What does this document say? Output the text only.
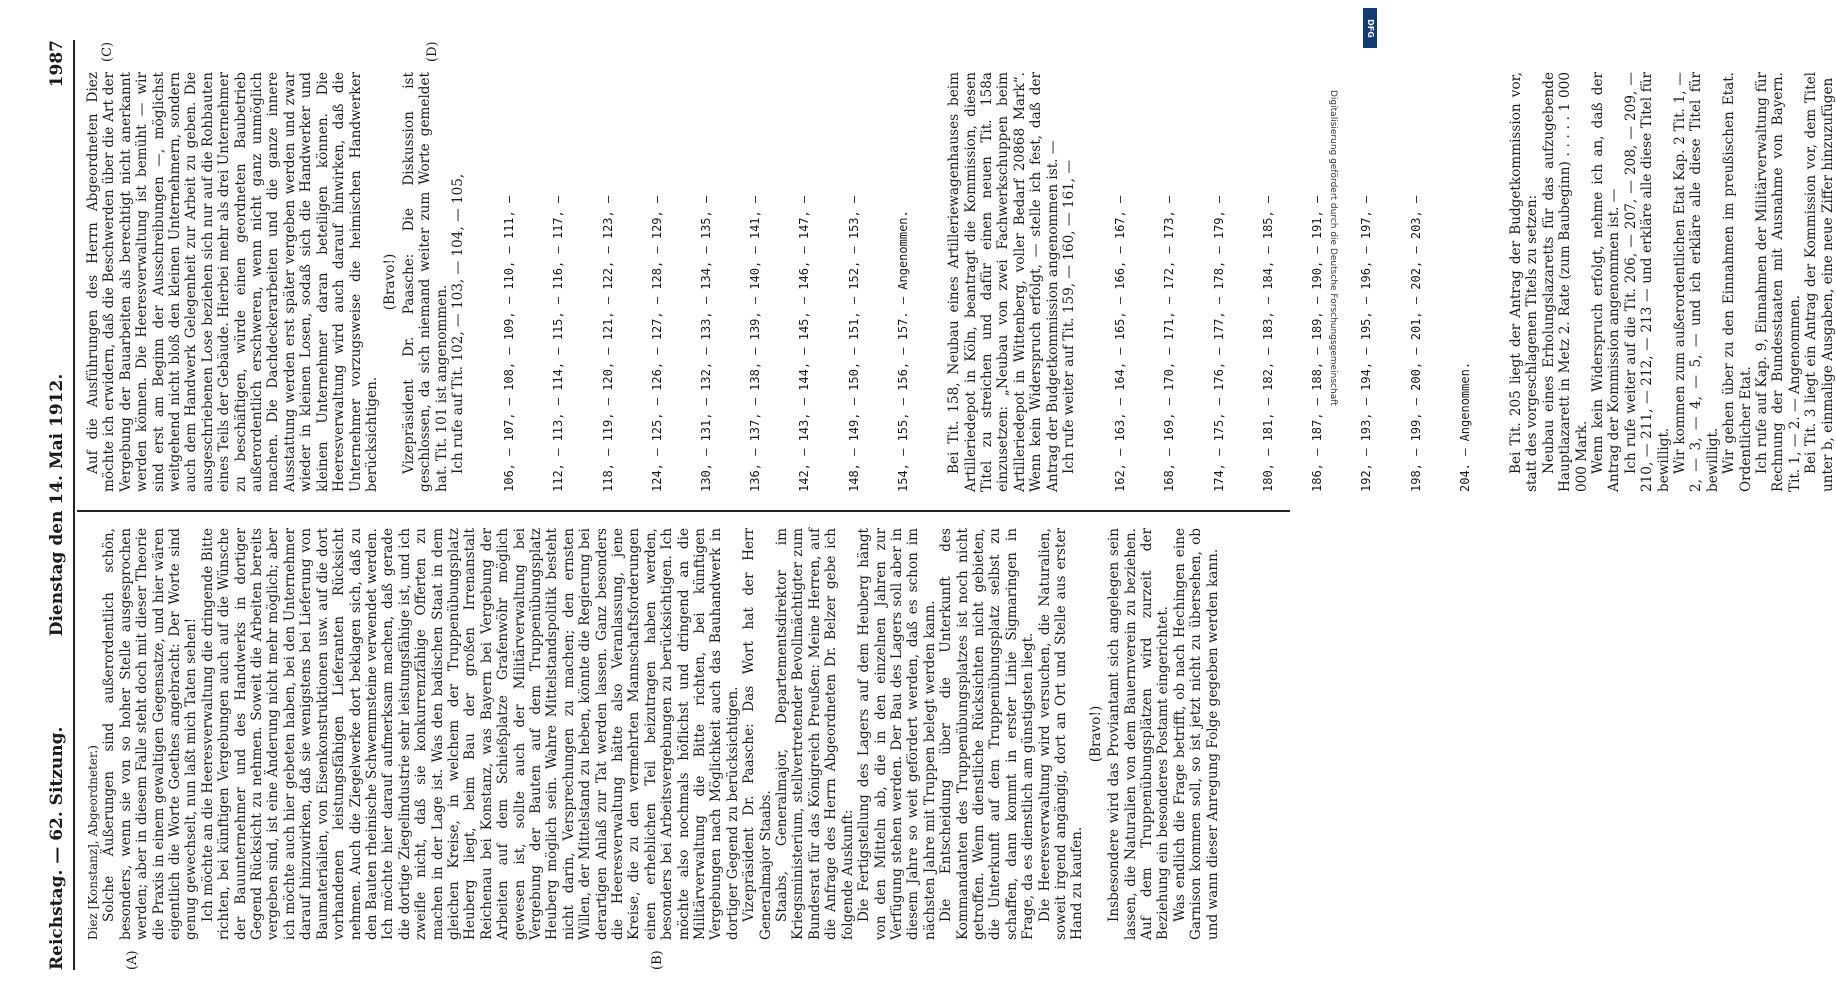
Reichstag. — 62. Sitzung.
Dienstag den 14. Mai 1912.
1987
(A)	(B)
(C)	(D)

Diez [Konstanz], Abgeordneter.) Solche Äußerungen sind außerordentlich schön, besonders, wenn sie von so hoher Stelle ausgesprochen werden; aber in diesem Falle steht doch mit dieser Theorie die Praxis in einem gewaltigen Gegensatze, und hier wären eigentlich die Worte Goethes angebracht: Der Worte sind genug gewechselt, nun laßt mich Taten sehen! Ich möchte an die Heeresverwaltung die dringende Bitte richten, bei künftigen Vergebungen auch auf die Wünsche der Bauunternehmer und des Handwerks in dortiger Gegend Rücksicht zu nehmen. Soweit die Arbeiten bereits vergeben sind, ist eine Änderung nicht mehr möglich; aber ich möchte auch hier gebeten haben, bei den Unternehmer darauf hinzuwirken, daß sie wenigstens bei Lieferung von Baumaterialien, von Eisenkonstruktionen usw. auf die dort vorhandenen leistungsfähigen Lieferanten Rücksicht nehmen. Auch die Ziegelwerke dort beklagen sich, daß zu den Bauten rheinische Schwemmsteine verwendet werden. Ich möchte hier darauf aufmerksam machen, daß gerade die dortige Ziegelindustrie sehr leistungsfähige ist, und ich zweifle nicht, daß sie konkurrenzfähige Offerten zu machen in der Lage ist. Was den badischen Staat in dem gleichen Kreise, in welchem der Truppenübungsplatz Heuberg liegt, beim Bau der großen Irrenanstalt Reichenau bei Konstanz, was Bayern bei Vergebung der Arbeiten auf dem Schießplatze Grafenwöhr möglich gewesen ist, sollte auch der Militärverwaltung bei Vergebung der Bauten auf dem Truppenübungsplatz Heuberg möglich sein. Wahre Mittelstandspolitik besteht nicht darin, Versprechungen zu machen; den ernsten Willen, der Mittelstand zu heben, könnte die Regierung bei derartigen Anlaß zur Tat werden lassen. Ganz besonders die Heeresverwaltung hätte also Veranlassung, jene Kreise, die zu den vermehrten Mannschaftsforderungen einen erheblichen Teil beizutragen haben werden, besonders bei Arbeitsvergebungen zu berücksichtigen. Ich möchte also nochmals höflichst und dringend an die Militärverwaltung die Bitte richten, bei künftigen Vergebungen nach Möglichkeit auch das Bauhandwerk in dortiger Gegend zu berücksichtigen. Vizepräsident Dr. Paasche: Das Wort hat der Herr Generalmajor Staabs. Staabs, Generalmajor, Departementsdirektor im Kriegsministerium, stellvertretender Bevollmächtigter zum Bundesrat für das Königreich Preußen: Meine Herren, auf die Anfrage des Herrn Abgeordneten Dr. Belzer gebe ich folgende Auskunft: Die Fertigstellung des Lagers auf dem Heuberg hängt von den Mitteln ab, die in den einzelnen Jahren zur Verfügung stehen werden. Der Bau des Lagers soll aber in diesem Jahre so weit gefördert werden, daß es schon im nächsten Jahre mit Truppen belegt werden kann. Die Entscheidung über die Unterkunft des Kommandanten des Truppenübungsplatzes ist noch nicht getroffen. Wenn dienstliche Rücksichten nicht gebieten, die Unterkunft auf dem Truppenübungsplatz selbst zu schaffen, dann kommt in erster Linie Sigmaringen in Frage, da es dienstlich am günstigsten liegt. Die Heeresverwaltung wird versuchen, die Naturalien, soweit irgend angängig, dort an Ort und Stelle aus erster Hand zu kaufen.

(Bravo!) Insbesondere wird das Proviantamt sich angelegen sein lassen, die Naturalien von dem Bauernverein zu beziehen. Auf dem Truppenübungsplätzen wird zurzeit der Beziehung ein besonderes Postamt eingerichtet. Was endlich die Frage betrifft, ob nach Hechingen eine Garnison kommen soll, so ist jetzt nicht zu übersehen, ob und wann dieser Anregung Folge gegeben werden kann.

Auf die Ausführungen des Herrn Abgeordneten Diez möchte ich erwidern, daß die Beschwerden über die Art der Vergebung der Bauarbeiten als berechtigt nicht anerkannt werden können. Die Heeresverwaltung ist bemüht — wir sind erst am Beginn der Ausschreibungen —, möglichst weitgehend nicht bloß den kleinen Unternehmern, sondern auch dem Handwerk Gelegenheit zur Arbeit zu geben. Die ausgeschriebenen Lose beziehen sich nur auf die Rohbauten eines Teils der Gebäude. Hierbei mehr als drei Unternehmer zu beschäftigen, würde einen geordneten Baubetrieb außerordentlich erschweren, wenn nicht ganz unmöglich machen. Die Dachdeckerarbeiten und die ganze innere Ausstattung werden erst später vergeben werden und zwar wieder in kleinen Losen, sodaß sich die Handwerker und kleinen Unternehmer daran beteiligen können. Die Heeresverwaltung wird auch darauf hinwirken, daß die Unternehmer vorzugsweise die heimischen Handwerker berücksichtigen.

(Bravo!) Vizepräsident Dr. Paasche: Die Diskussion ist geschlossen, da sich niemand weiter zum Worte gemeldet hat. Tit. 101 ist angenommen. Ich rufe auf Tit. 102, — 103, — 104, — 105,

	106, — 107, — 108, — 109, — 110, — 111, —

	112, — 113, — 114, — 115, — 116, — 117, —

	118, — 119, — 120, — 121, — 122, — 123, —

	124, — 125, — 126, — 127, — 128, — 129, —

	130, — 131, — 132, — 133, — 134, — 135, —

	136, — 137, — 138, — 139, — 140, — 141, —

	142, — 143, — 144, — 145, — 146, — 147, —

	148, — 149, — 150, — 151, — 152, — 153, —

	154, — 155, — 156, — 157. — Angenommen.

	Bei Tit. 158, Neubau eines Artilleriewagenhauses beim Artilleriedepot in Köln, beantragt die Kommission, diesen Titel zu streichen und dafür einen neuen Tit. 158a einzusetzen: „Neubau von zwei Fachwerkschuppen beim Artilleriedepot in Wittenberg, voller Bedarf 20868 Mark“. Wenn kein Widerspruch erfolgt, — stelle ich fest, daß der Antrag der Budgetkommission angenommen ist. — Ich rufe weiter auf Tit. 159, — 160, — 161, —

	162, — 163, — 164, — 165, — 166, — 167, —

	168, — 169, — 170, — 171, — 172, — 173, —

	174, — 175, — 176, — 177, — 178, — 179, —

	180, — 181, — 182, — 183, — 184, — 185, —

	186, — 187, — 188, — 189, — 190, — 191, —

	192, — 193, — 194, — 195, — 196, — 197, —

	198, — 199, — 200, — 201, — 202, — 203, —

	204. — Angenommen.

	Bei Tit. 205 liegt der Antrag der Budgetkommission vor, statt des vorgeschlagenen Titels zu setzen: Neubau eines Erholungslazaretts für das aufzugebende Hauptlazarett in Metz 2. Rate (zum Baubeginn) . . . . . 1 000 000 Mark. Wenn kein Widerspruch erfolgt, nehme ich an, daß der Antrag der Kommission angenommen ist. — Ich rufe weiter auf die Tit. 206, — 207, — 208, — 209, — 210, — 211, — 212, — 213 — und erkläre alle diese Titel für bewilligt. Wir kommen zum außerordentlichen Etat Kap. 2 Tit. 1, — 2, — 3, — 4, — 5, — und ich erkläre alle diese Titel für bewilligt. Wir gehen über zu den Einnahmen im preußischen Etat. Ordentlicher Etat. Ich rufe auf Kap. 9, Einnahmen der Militärverwaltung für Rechnung der Bundesstaaten mit Ausnahme von Bayern. Tit. 1, — 2. — Angenommen. Bei Tit. 3 liegt ein Antrag der Kommission vor, dem Titel unter b, einmalige Ausgaben, eine neue Ziffer hinzuzufügen

DFG
Digitalisierung gefördert durch die Deutsche Forschungsgemeinschaft
